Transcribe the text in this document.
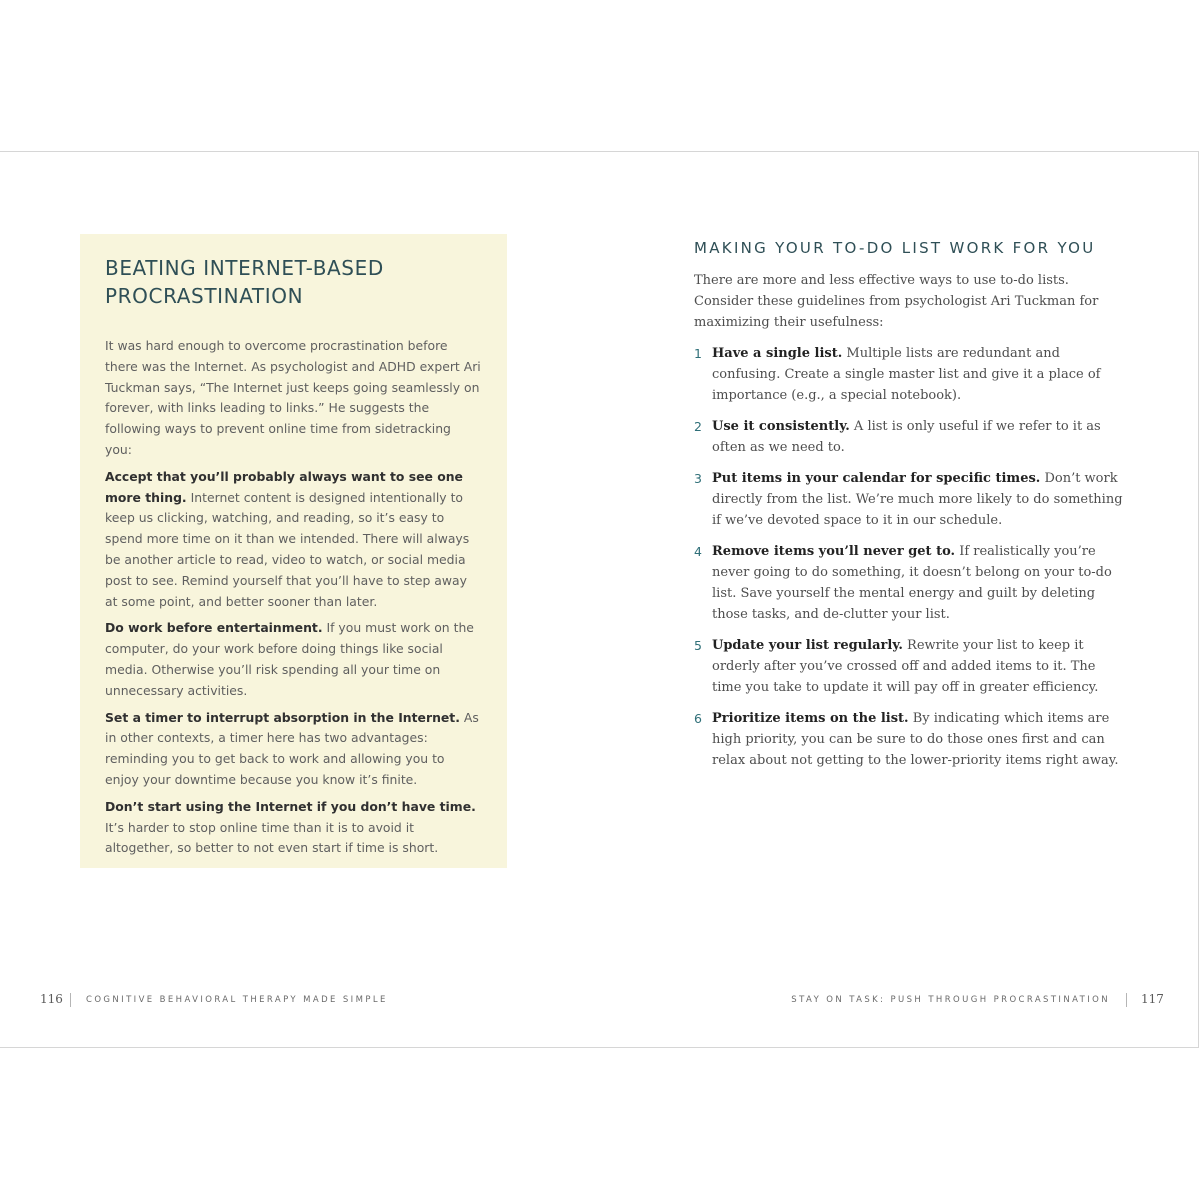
BEATING INTERNET-BASED
PROCRASTINATION

It was hard enough to overcome procrastination before there was the Internet. As psychologist and ADHD expert Ari Tuckman says, “The Internet just keeps going seamlessly on forever, with links leading to links.” He suggests the following ways to prevent online time from sidetracking you:

Accept that you’ll probably always want to see one more thing. Internet content is designed intentionally to keep us clicking, watching, and reading, so it’s easy to spend more time on it than we intended. There will always be another article to read, video to watch, or social media post to see. Remind yourself that you’ll have to step away at some point, and better sooner than later.

Do work before entertainment. If you must work on the computer, do your work before doing things like social media. Otherwise you’ll risk spending all your time on unnecessary activities.

Set a timer to interrupt absorption in the Internet. As in other contexts, a timer here has two advantages: reminding you to get back to work and allowing you to enjoy your downtime because you know it’s finite.

Don’t start using the Internet if you don’t have time. It’s harder to stop online time than it is to avoid it altogether, so better to not even start if time is short.

MAKING YOUR TO-DO LIST WORK FOR YOU

There are more and less effective ways to use to-do lists. Consider these guidelines from psychologist Ari Tuckman for maximizing their usefulness:

1 Have a single list. Multiple lists are redundant and confusing. Create a single master list and give it a place of importance (e.g., a special notebook).
2 Use it consistently. A list is only useful if we refer to it as often as we need to.
3 Put items in your calendar for specific times. Don’t work directly from the list. We’re much more likely to do something if we’ve devoted space to it in our schedule.
4 Remove items you’ll never get to. If realistically you’re never going to do something, it doesn’t belong on your to-do list. Save yourself the mental energy and guilt by deleting those tasks, and de-clutter your list.
5 Update your list regularly. Rewrite your list to keep it orderly after you’ve crossed off and added items to it. The time you take to update it will pay off in greater efficiency.
6 Prioritize items on the list. By indicating which items are high priority, you can be sure to do those ones first and can relax about not getting to the lower-priority items right away.
116	COGNITIVE BEHAVIORAL THERAPY MADE SIMPLE	STAY ON TASK: PUSH THROUGH PROCRASTINATION	117
